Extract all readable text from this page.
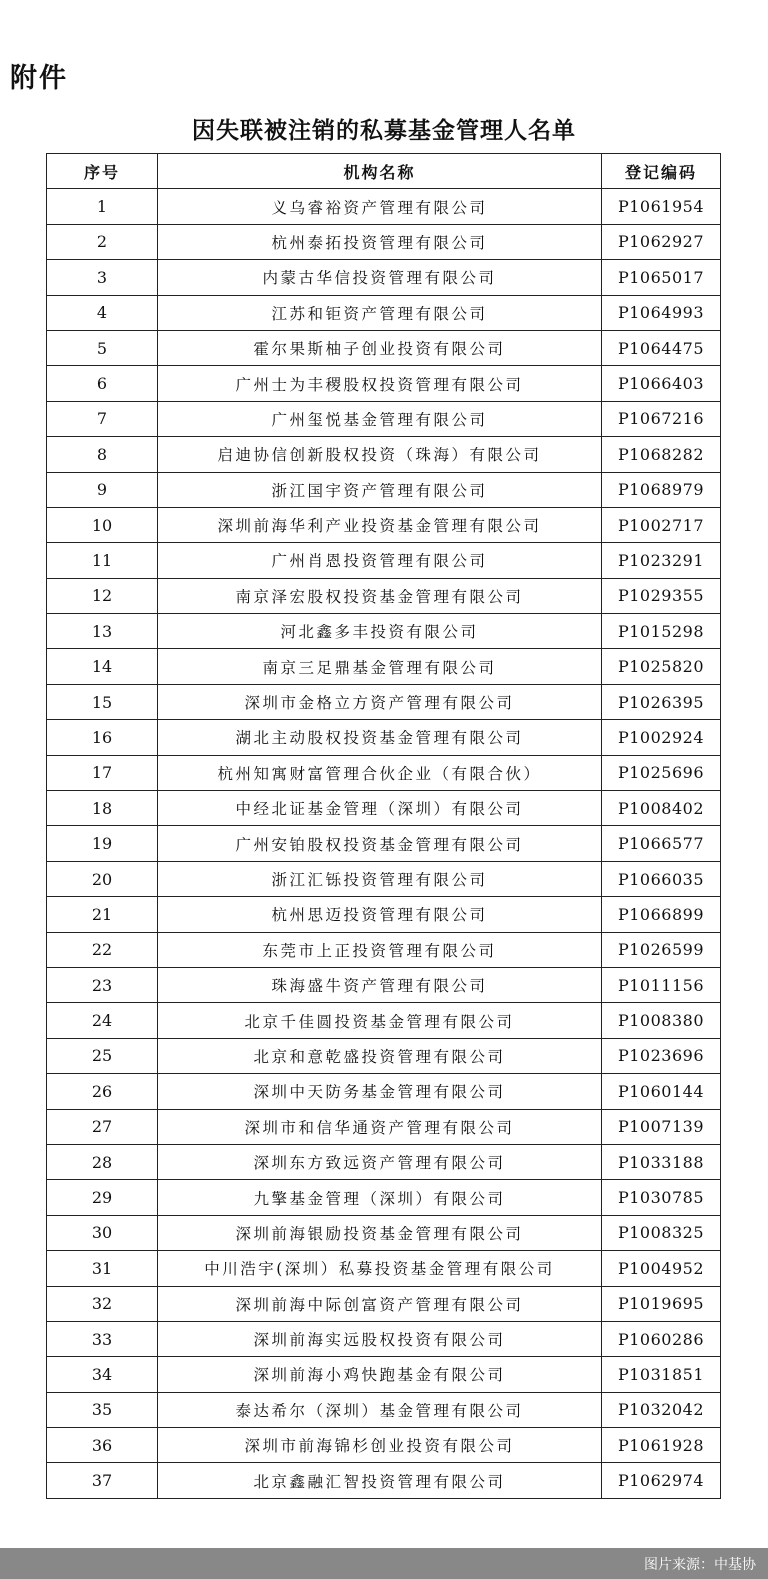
附件
因失联被注销的私募基金管理人名单
序号	机构名称	登记编码
1	义乌睿裕资产管理有限公司	P1061954
2	杭州泰拓投资管理有限公司	P1062927
3	内蒙古华信投资管理有限公司	P1065017
4	江苏和钜资产管理有限公司	P1064993
5	霍尔果斯柚子创业投资有限公司	P1064475
6	广州士为丰稷股权投资管理有限公司	P1066403
7	广州玺悦基金管理有限公司	P1067216
8	启迪协信创新股权投资（珠海）有限公司	P1068282
9	浙江国宇资产管理有限公司	P1068979
10	深圳前海华利产业投资基金管理有限公司	P1002717
11	广州肖恩投资管理有限公司	P1023291
12	南京泽宏股权投资基金管理有限公司	P1029355
13	河北鑫多丰投资有限公司	P1015298
14	南京三足鼎基金管理有限公司	P1025820
15	深圳市金格立方资产管理有限公司	P1026395
16	湖北主动股权投资基金管理有限公司	P1002924
17	杭州知寓财富管理合伙企业（有限合伙）	P1025696
18	中经北证基金管理（深圳）有限公司	P1008402
19	广州安铂股权投资基金管理有限公司	P1066577
20	浙江汇铄投资管理有限公司	P1066035
21	杭州思迈投资管理有限公司	P1066899
22	东莞市上正投资管理有限公司	P1026599
23	珠海盛牛资产管理有限公司	P1011156
24	北京千佳圆投资基金管理有限公司	P1008380
25	北京和意乾盛投资管理有限公司	P1023696
26	深圳中天防务基金管理有限公司	P1060144
27	深圳市和信华通资产管理有限公司	P1007139
28	深圳东方致远资产管理有限公司	P1033188
29	九擎基金管理（深圳）有限公司	P1030785
30	深圳前海银励投资基金管理有限公司	P1008325
31	中川浩宇(深圳）私募投资基金管理有限公司	P1004952
32	深圳前海中际创富资产管理有限公司	P1019695
33	深圳前海实远股权投资有限公司	P1060286
34	深圳前海小鸡快跑基金有限公司	P1031851
35	泰达希尔（深圳）基金管理有限公司	P1032042
36	深圳市前海锦杉创业投资有限公司	P1061928
37	北京鑫融汇智投资管理有限公司	P1062974
图片来源：中基协
